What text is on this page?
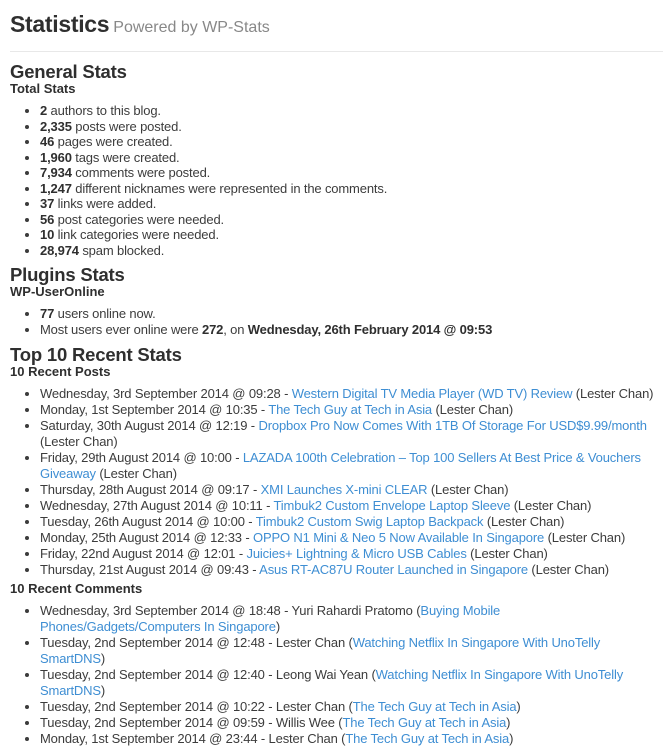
Statistics Powered by WP-Stats
General Stats
Total Stats
• 2 authors to this blog.
• 2,335 posts were posted.
• 46 pages were created.
• 1,960 tags were created.
• 7,934 comments were posted.
• 1,247 different nicknames were represented in the comments.
• 37 links were added.
• 56 post categories were needed.
• 10 link categories were needed.
• 28,974 spam blocked.
Plugins Stats
WP-UserOnline
• 77 users online now.
• Most users ever online were 272, on Wednesday, 26th February 2014 @ 09:53
Top 10 Recent Stats
10 Recent Posts
• Wednesday, 3rd September 2014 @ 09:28 - Western Digital TV Media Player (WD TV) Review (Lester Chan)
• Monday, 1st September 2014 @ 10:35 - The Tech Guy at Tech in Asia (Lester Chan)
• Saturday, 30th August 2014 @ 12:19 - Dropbox Pro Now Comes With 1TB Of Storage For USD$9.99/month (Lester Chan)
• Friday, 29th August 2014 @ 10:00 - LAZADA 100th Celebration – Top 100 Sellers At Best Price & Vouchers Giveaway (Lester Chan)
• Thursday, 28th August 2014 @ 09:17 - XMI Launches X-mini CLEAR (Lester Chan)
• Wednesday, 27th August 2014 @ 10:11 - Timbuk2 Custom Envelope Laptop Sleeve (Lester Chan)
• Tuesday, 26th August 2014 @ 10:00 - Timbuk2 Custom Swig Laptop Backpack (Lester Chan)
• Monday, 25th August 2014 @ 12:33 - OPPO N1 Mini & Neo 5 Now Available In Singapore (Lester Chan)
• Friday, 22nd August 2014 @ 12:01 - Juicies+ Lightning & Micro USB Cables (Lester Chan)
• Thursday, 21st August 2014 @ 09:43 - Asus RT-AC87U Router Launched in Singapore (Lester Chan)
10 Recent Comments
• Wednesday, 3rd September 2014 @ 18:48 - Yuri Rahardi Pratomo (Buying Mobile Phones/Gadgets/Computers In Singapore)
• Tuesday, 2nd September 2014 @ 12:48 - Lester Chan (Watching Netflix In Singapore With UnoTelly SmartDNS)
• Tuesday, 2nd September 2014 @ 12:40 - Leong Wai Yean (Watching Netflix In Singapore With UnoTelly SmartDNS)
• Tuesday, 2nd September 2014 @ 10:22 - Lester Chan (The Tech Guy at Tech in Asia)
• Tuesday, 2nd September 2014 @ 09:59 - Willis Wee (The Tech Guy at Tech in Asia)
• Monday, 1st September 2014 @ 23:44 - Lester Chan (The Tech Guy at Tech in Asia)
